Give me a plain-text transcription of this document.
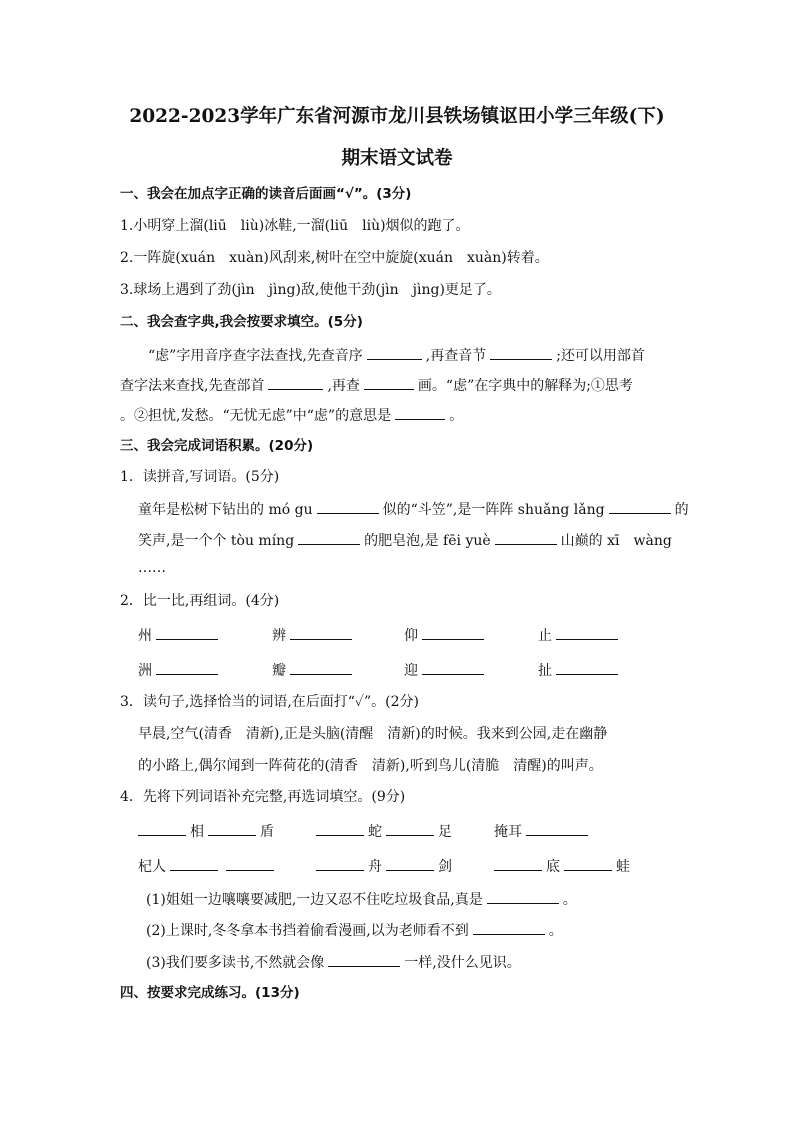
2022-2023学年广东省河源市龙川县铁场镇讴田小学三年级(下)
期末语文试卷
一、我会在加点字正确的读音后面画“√”。(3分)
1.小明穿上溜(liū　liù)冰鞋,一溜(liū　liù)烟似的跑了。
2.一阵旋(xuán　xuàn)风刮来,树叶在空中旋旋(xuán　xuàn)转着。
3.球场上遇到了劲(jìn　jìng)敌,使他干劲(jìn　jìng)更足了。
二、我会查字典,我会按要求填空。(5分)
“虑”字用音序查字法查找,先查音序	,再查音节	;还可以用部首
查字法来查找,先查部首	,再查	画。“虑”在字典中的解释为;①思考
。②担忧,发愁。“无忧无虑”中“虑”的意思是	。
三、我会完成词语积累。(20分)
1．读拼音,写词语。(5分)
童年是松树下钻出的 mó gu	似的“斗笠”,是一阵阵 shuǎng lǎng	的
笑声,是一个个 tòu míng	的肥皂泡,是 fēi yuè	山巅的 xī　wàng
……
2．比一比,再组词。(4分)
州	辨	仰	止
洲	瓣	迎	扯
3．读句子,选择恰当的词语,在后面打“✓”。(2分)
早晨,空气(清香　清新),正是头脑(清醒　清新)的时候。我来到公园,走在幽静
的小路上,偶尔闻到一阵荷花的(清香　清新),听到鸟儿(清脆　清醒)的叫声。
4．先将下列词语补充完整,再选词填空。(9分)
相	盾	蛇	足	掩耳
杞人	舟	剑	底	蛙
(1)姐姐一边嚷嚷要减肥,一边又忍不住吃垃圾食品,真是	。
(2)上课时,冬冬拿本书挡着偷看漫画,以为老师看不到	。
(3)我们要多读书,不然就会像	一样,没什么见识。
四、按要求完成练习。(13分)
